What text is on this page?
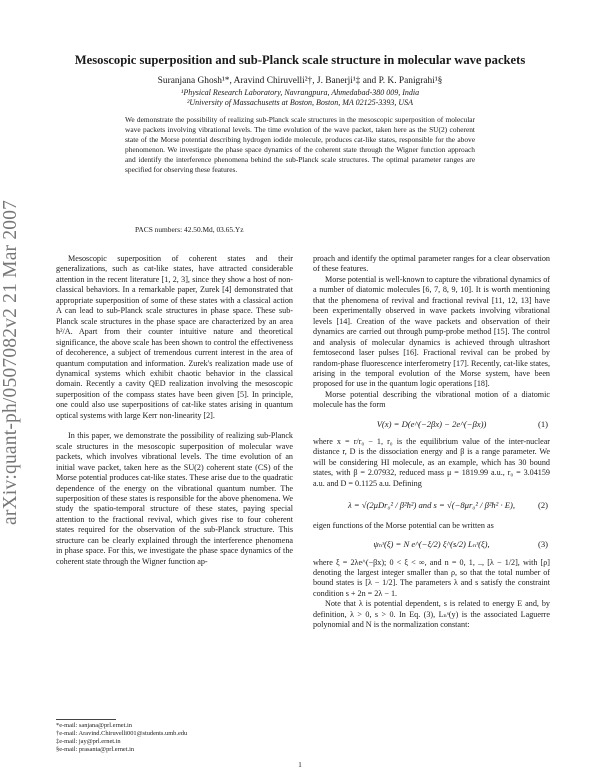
arXiv:quant-ph/0507082v2 21 Mar 2007
Mesoscopic superposition and sub-Planck scale structure in molecular wave packets
Suranjana Ghosh¹*, Aravind Chiruvelli²†, J. Banerji¹‡ and P. K. Panigrahi¹§
¹Physical Research Laboratory, Navrangpura, Ahmedabad-380 009, India
²University of Massachusetts at Boston, Boston, MA 02125-3393, USA
We demonstrate the possibility of realizing sub-Planck scale structures in the mesoscopic superposition of molecular wave packets involving vibrational levels. The time evolution of the wave packet, taken here as the SU(2) coherent state of the Morse potential describing hydrogen iodide molecule, produces cat-like states, responsible for the above phenomenon. We investigate the phase space dynamics of the coherent state through the Wigner function approach and identify the interference phenomena behind the sub-Planck scale structures. The optimal parameter ranges are specified for observing these features.
PACS numbers: 42.50.Md, 03.65.Yz

Mesoscopic superposition of coherent states and their generalizations, such as cat-like states, have attracted considerable attention in the recent literature [1, 2, 3], since they show a host of non-classical behaviors. In a remarkable paper, Zurek [4] demonstrated that appropriate superposition of some of these states with a classical action A can lead to sub-Planck scale structures in phase space. These sub-Planck scale structures in the phase space are characterized by an area ħ²/A. Apart from their counter intuitive nature and theoretical significance, the above scale has been shown to control the effectiveness of decoherence, a subject of tremendous current interest in the area of quantum computation and information. Zurek's realization made use of dynamical systems which exhibit chaotic behavior in the classical domain. Recently a cavity QED realization involving the mesoscopic superposition of the compass states have been given [5]. In principle, one could also use superpositions of cat-like states arising in quantum optical systems with large Kerr non-linearity [2].

In this paper, we demonstrate the possibility of realizing sub-Planck scale structures in the mesoscopic superposition of molecular wave packets, which involves vibrational levels. The time evolution of an initial wave packet, taken here as the SU(2) coherent state (CS) of the Morse potential produces cat-like states. These arise due to the quadratic dependence of the energy on the vibrational quantum number. The superposition of these states is responsible for the above phenomena. We study the spatio-temporal structure of these states, paying special attention to the fractional revival, which gives rise to four coherent states required for the observation of the sub-Planck structure. This structure can be clearly explained through the interference phenomena in phase space. For this, we investigate the phase space dynamics of the coherent state through the Wigner function ap-

proach and identify the optimal parameter ranges for a clear observation of these features.

Morse potential is well-known to capture the vibrational dynamics of a number of diatomic molecules [6, 7, 8, 9, 10]. It is worth mentioning that the phenomena of revival and fractional revival [11, 12, 13] have been experimentally observed in wave packets involving vibrational levels [14]. Creation of the wave packets and observation of their dynamics are carried out through pump-probe method [15]. The control and analysis of molecular dynamics is achieved through ultrashort femtosecond laser pulses [16]. Fractional revival can be probed by random-phase fluorescence interferometry [17]. Recently, cat-like states, arising in the temporal evolution of the Morse system, have been proposed for use in the quantum logic operations [18].

Morse potential describing the vibrational motion of a diatomic molecule has the form

V(x) = D(e^(−2βx) − 2e^(−βx))	(1)

where x = r/r₀ − 1, r₀ is the equilibrium value of the inter-nuclear distance r, D is the dissociation energy and β is a range parameter. We will be considering HI molecule, as an example, which has 30 bound states, with β = 2.07932, reduced mass μ = 1819.99 a.u., r₀ = 3.04159 a.u. and D = 0.1125 a.u. Defining

λ = √(2μDr₀² / β²ħ²) and s = √(−8μr₀² / β²ħ² · E),	(2)

eigen functions of the Morse potential can be written as

ψₙˢ(ξ) = N e^(−ξ/2) ξ^(s/2) Lₙˢ(ξ),	(3)

where ξ = 2λe^(−βx); 0 < ξ < ∞, and n = 0, 1, .., [λ − 1/2], with [ρ] denoting the largest integer smaller than ρ, so that the total number of bound states is [λ − 1/2]. The parameters λ and s satisfy the constraint condition s + 2n = 2λ − 1.

Note that λ is potential dependent, s is related to energy E and, by definition, λ > 0, s > 0. In Eq. (3), Lₙˢ(y) is the associated Laguerre polynomial and N is the normalization constant:

*e-mail: sanjana@prl.ernet.in
†e-mail: Aravind.Chiruvelli001@students.umb.edu
‡e-mail: jay@prl.ernet.in
§e-mail: prasanta@prl.ernet.in
1
